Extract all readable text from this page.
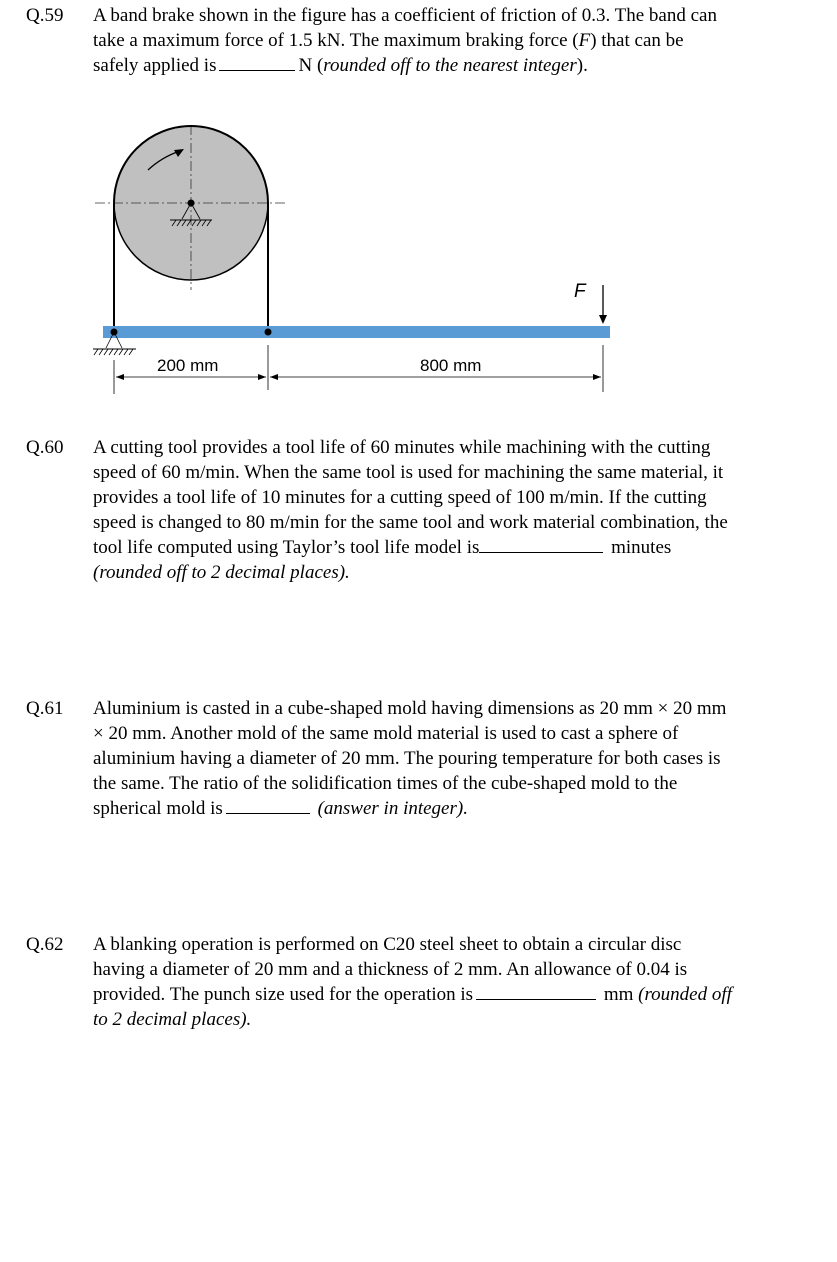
Q.59 A band brake shown in the figure has a coefficient of friction of 0.3. The band can
take a maximum force of 1.5 kN. The maximum braking force (F) that can be
safely applied is	N (rounded off to the nearest integer).
F
200 mm	800 mm
Q.60 A cutting tool provides a tool life of 60 minutes while machining with the cutting
speed of 60 m/min. When the same tool is used for machining the same material, it
provides a tool life of 10 minutes for a cutting speed of 100 m/min. If the cutting
speed is changed to 80 m/min for the same tool and work material combination, the
tool life computed using Taylor’s tool life model is	minutes
(rounded off to 2 decimal places).
Q.61 Aluminium is casted in a cube-shaped mold having dimensions as 20 mm × 20 mm
× 20 mm. Another mold of the same mold material is used to cast a sphere of
aluminium having a diameter of 20 mm. The pouring temperature for both cases is
the same. The ratio of the solidification times of the cube-shaped mold to the
spherical mold is	(answer in integer).
Q.62 A blanking operation is performed on C20 steel sheet to obtain a circular disc
having a diameter of 20 mm and a thickness of 2 mm. An allowance of 0.04 is
provided. The punch size used for the operation is	mm (rounded off
to 2 decimal places).
